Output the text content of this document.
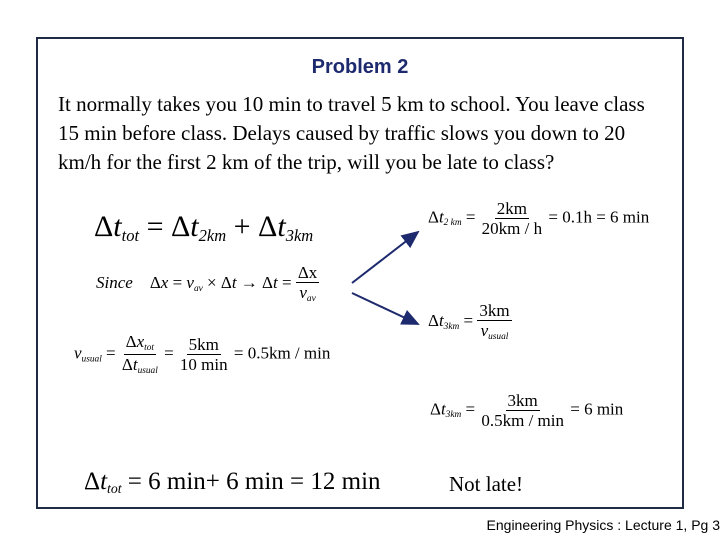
Problem 2

It normally takes you 10 min to travel 5 km to school. You leave class 15 min before class. Delays caused by traffic slows you down to 20 km/h for the first 2 km of the trip, will you be late to class?

$\Delta t_{tot} = \Delta t_{2km} + \Delta t_{3km}$
Since    $\Delta x = v_{av} \times \Delta t \to \Delta t = \frac{\Delta x}{v_{av}}$
$v_{usual} = \frac{\Delta x_{tot}}{\Delta t_{usual}} = \frac{5km}{10 \min} = 0.5km / \min$
$\Delta t_{2 km} = \frac{2km}{20km / h} = 0.1h = 6$ min
$\Delta t_{3km} = \frac{3km}{v_{usual}}$
$\Delta t_{3km} = \frac{3km}{0.5km / \min} = 6$ min
$\Delta t_{tot} = 6$ min+ 6 min = 12 min	Not late!
Engineering Physics : Lecture 1, Pg 3
